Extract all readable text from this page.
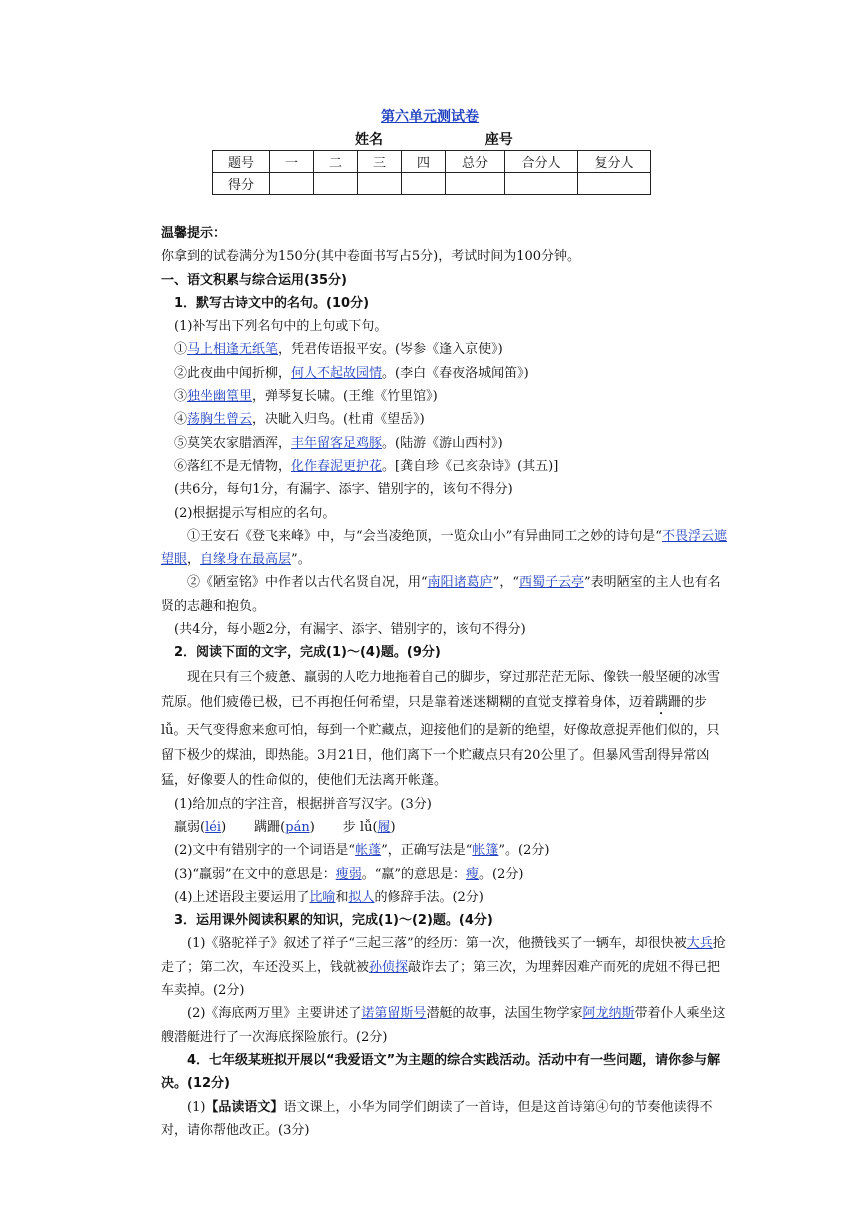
第六单元测试卷
姓名	座号
题号	一	二	三	四	总分	合分人	复分人
得分							

温馨提示：

你拿到的试卷满分为150分(其中卷面书写占5分)，考试时间为100分钟。

一、语文积累与综合运用(35分)

1．默写古诗文中的名句。(10分)

(1)补写出下列名句中的上句或下句。

①马上相逢无纸笔，凭君传语报平安。(岑参《逢入京使》)

②此夜曲中闻折柳，何人不起故园情。(李白《春夜洛城闻笛》)

③独坐幽篁里，弹琴复长啸。(王维《竹里馆》)

④荡胸生曾云，决眦入归鸟。(杜甫《望岳》)

⑤莫笑农家腊酒浑，丰年留客足鸡豚。(陆游《游山西村》)

⑥落红不是无情物，化作春泥更护花。[龚自珍《己亥杂诗》(其五)]

(共6分，每句1分，有漏字、添字、错别字的，该句不得分)

(2)根据提示写相应的名句。

①王安石《登飞来峰》中，与“会当凌绝顶，一览众山小”有异曲同工之妙的诗句是“不畏浮云遮望眼，自缘身在最高层”。

②《陋室铭》中作者以古代名贤自况，用“南阳诸葛庐”，“西蜀子云亭”表明陋室的主人也有名贤的志趣和抱负。

(共4分，每小题2分，有漏字、添字、错别字的，该句不得分)

2．阅读下面的文字，完成(1)～(4)题。(9分)

现在只有三个疲惫、羸弱的人吃力地拖着自己的脚步，穿过那茫茫无际、像铁一般坚硬的冰雪荒原。他们疲倦已极，已不再抱任何希望，只是靠着迷迷糊糊的直觉支撑着身体，迈着蹒跚的步lǚ。天气变得愈来愈可怕，每到一个贮藏点，迎接他们的是新的绝望，好像故意捉弄他们似的，只留下极少的煤油，即热能。3月21日，他们离下一个贮藏点只有20公里了。但暴风雪刮得异常凶猛，好像要人的性命似的，使他们无法离开帐蓬。

(1)给加点的字注音，根据拼音写汉字。(3分)

羸弱(léi) 蹒跚(pán) 步 lǚ(履)

(2)文中有错别字的一个词语是“帐蓬”，正确写法是“帐篷”。(2分)

(3)“羸弱”在文中的意思是：瘦弱。“羸”的意思是：瘦。(2分)

(4)上述语段主要运用了比喻和拟人的修辞手法。(2分)

3．运用课外阅读积累的知识，完成(1)～(2)题。(4分)

(1)《骆驼祥子》叙述了祥子“三起三落”的经历：第一次，他攒钱买了一辆车，却很快被大兵抢走了；第二次，车还没买上，钱就被孙侦探敲诈去了；第三次，为埋葬因难产而死的虎妞不得已把车卖掉。(2分)

(2)《海底两万里》主要讲述了诺第留斯号潜艇的故事，法国生物学家阿龙纳斯带着仆人乘坐这艘潜艇进行了一次海底探险旅行。(2分)

4．七年级某班拟开展以“我爱语文”为主题的综合实践活动。活动中有一些问题，请你参与解决。(12分)

(1)【品读语文】语文课上，小华为同学们朗读了一首诗，但是这首诗第④句的节奏他读得不对，请你帮他改正。(3分)
